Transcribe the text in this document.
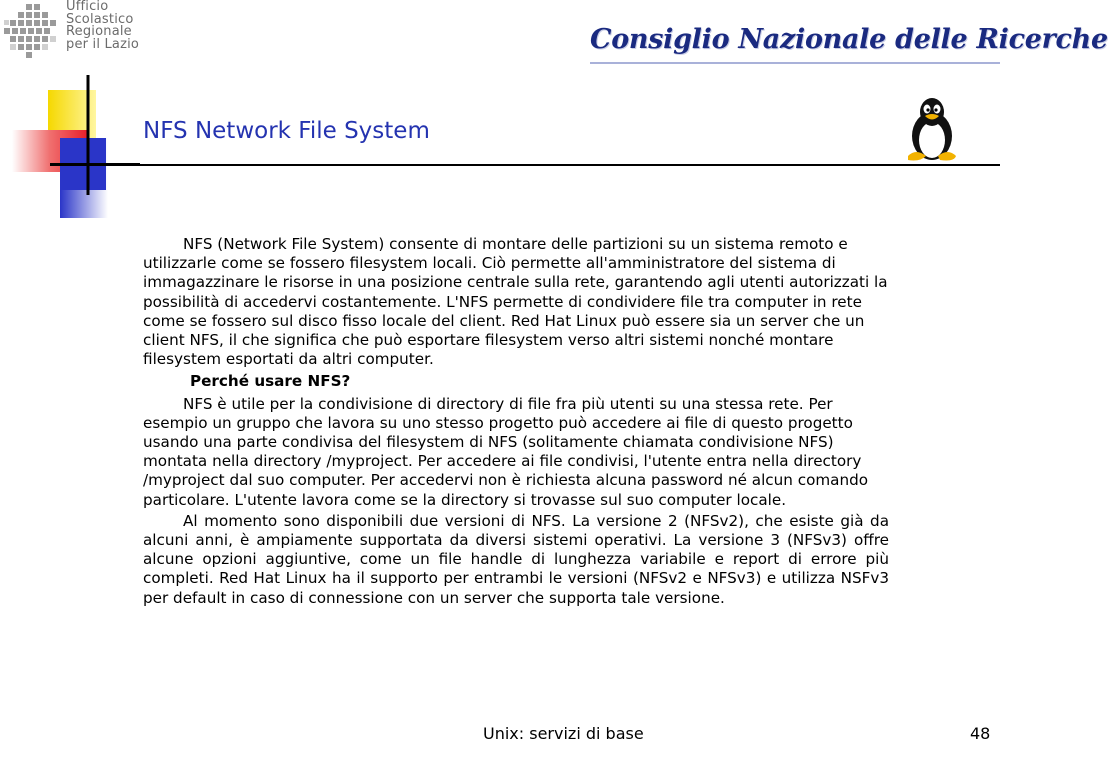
Ufficio
Scolastico
Regionale
per il Lazio	Consiglio Nazionale delle Ricerche
NFS Network File System

NFS (Network File System) consente di montare delle partizioni su un sistema remoto e utilizzarle come se fossero filesystem locali. Ciò permette all'amministratore del sistema di immagazzinare le risorse in una posizione centrale sulla rete, garantendo agli utenti autorizzati la possibilità di accedervi costantemente. L'NFS permette di condividere file tra computer in rete come se fossero sul disco fisso locale del client. Red Hat Linux può essere sia un server che un client NFS, il che significa che può esportare filesystem verso altri sistemi nonché montare filesystem esportati da altri computer.

Perché usare NFS?

NFS è utile per la condivisione di directory di file fra più utenti su una stessa rete. Per esempio un gruppo che lavora su uno stesso progetto può accedere ai file di questo progetto usando una parte condivisa del filesystem di NFS (solitamente chiamata condivisione NFS) montata nella directory /myproject. Per accedere ai file condivisi, l'utente entra nella directory /myproject dal suo computer. Per accedervi non è richiesta alcuna password né alcun comando particolare. L'utente lavora come se la directory si trovasse sul suo computer locale.

Al momento sono disponibili due versioni di NFS. La versione 2 (NFSv2), che esiste già da alcuni anni, è ampiamente supportata da diversi sistemi operativi. La versione 3 (NFSv3) offre alcune opzioni aggiuntive, come un file handle di lunghezza variabile e report di errore più completi. Red Hat Linux ha il supporto per entrambi le versioni (NFSv2 e NFSv3) e utilizza NSFv3 per default in caso di connessione con un server che supporta tale versione.

Unix: servizi di base	48
